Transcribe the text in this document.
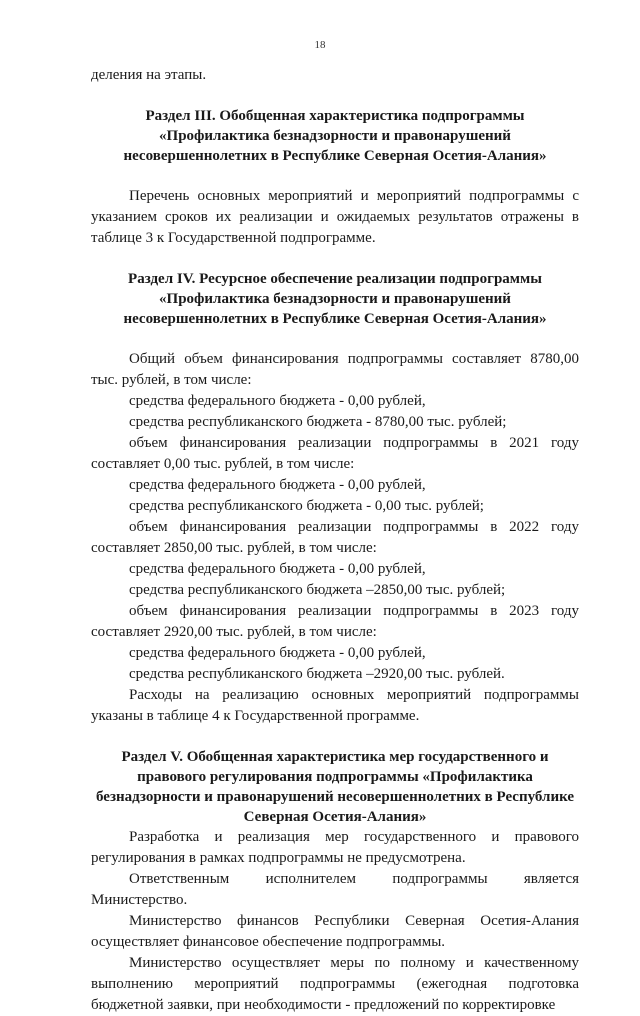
18

деления на этапы.

Раздел III. Обобщенная характеристика подпрограммы

«Профилактика безнадзорности и правонарушений

несовершеннолетних в Республике Северная Осетия-Алания»

Перечень основных мероприятий и мероприятий подпрограммы с указанием сроков их реализации и ожидаемых результатов отражены в таблице 3 к Государственной подпрограмме.

Раздел IV. Ресурсное обеспечение реализации подпрограммы

«Профилактика безнадзорности и правонарушений

несовершеннолетних в Республике Северная Осетия-Алания»

Общий объем финансирования подпрограммы составляет 8780,00 тыс. рублей, в том числе:

средства федерального бюджета - 0,00 рублей,

средства республиканского бюджета - 8780,00 тыс. рублей;

объем финансирования реализации подпрограммы в 2021 году составляет 0,00 тыс. рублей, в том числе:

средства федерального бюджета - 0,00 рублей,

средства республиканского бюджета - 0,00 тыс. рублей;

объем финансирования реализации подпрограммы в 2022 году составляет 2850,00 тыс. рублей, в том числе:

средства федерального бюджета - 0,00 рублей,

средства республиканского бюджета –2850,00 тыс. рублей;

объем финансирования реализации подпрограммы в 2023 году составляет 2920,00 тыс. рублей, в том числе:

средства федерального бюджета - 0,00 рублей,

средства республиканского бюджета –2920,00 тыс. рублей.

Расходы на реализацию основных мероприятий подпрограммы указаны в таблице 4 к Государственной программе.

Раздел V. Обобщенная характеристика мер государственного и

правового регулирования подпрограммы «Профилактика

безнадзорности и правонарушений несовершеннолетних в Республике

Северная Осетия-Алания»

Разработка и реализация мер государственного и правового регулирования в рамках подпрограммы не предусмотрена.

Ответственным исполнителем подпрограммы является Министерство.

Министерство финансов Республики Северная Осетия-Алания осуществляет финансовое обеспечение подпрограммы.

Министерство осуществляет меры по полному и качественному выполнению мероприятий подпрограммы (ежегодная подготовка бюджетной заявки, при необходимости - предложений по корректировке
